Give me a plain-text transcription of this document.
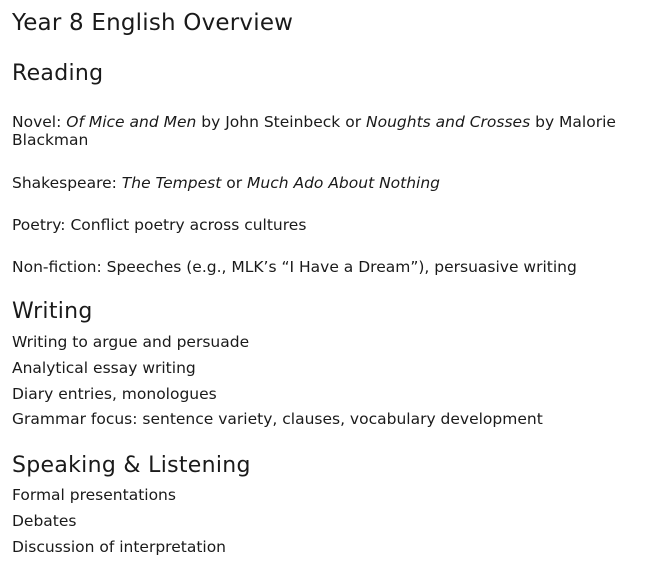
Year 8 English Overview
Reading
Novel: Of Mice and Men by John Steinbeck or Noughts and Crosses by Malorie Blackman
Shakespeare: The Tempest or Much Ado About Nothing
Poetry: Conflict poetry across cultures
Non-fiction: Speeches (e.g., MLK’s “I Have a Dream”), persuasive writing
Writing
Writing to argue and persuade
Analytical essay writing
Diary entries, monologues
Grammar focus: sentence variety, clauses, vocabulary development
Speaking & Listening
Formal presentations
Debates
Discussion of interpretation
